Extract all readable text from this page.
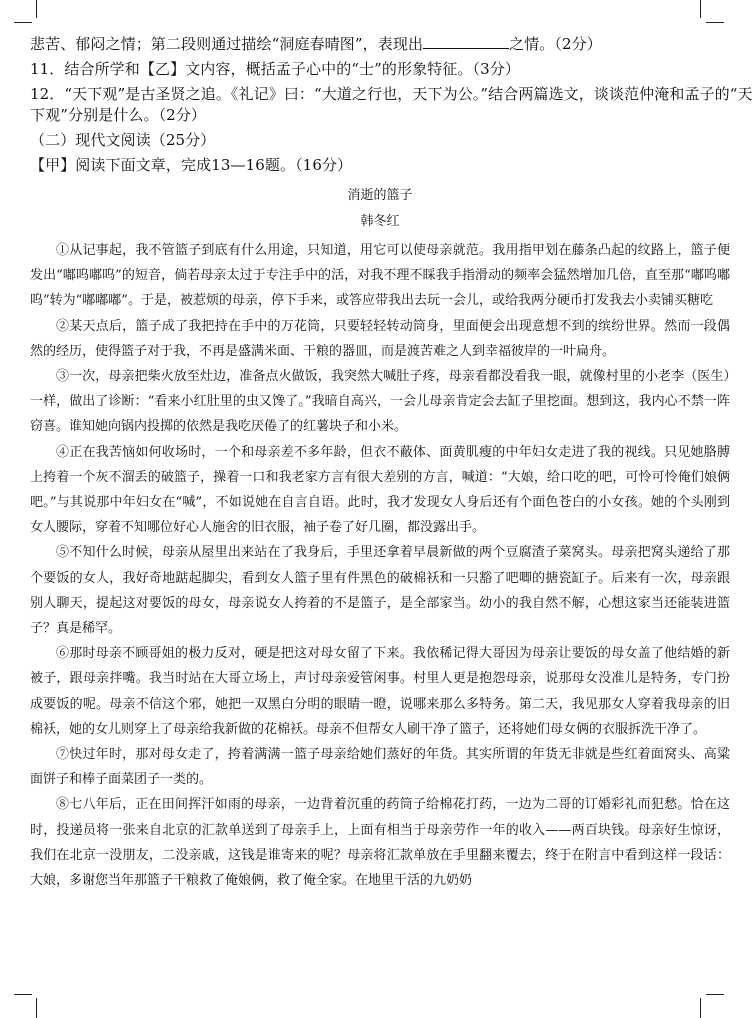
悲苦、郁闷之情；第二段则通过描绘“洞庭春晴图”，表现出	之情。（2分）
11．结合所学和【乙】文内容，概括孟子心中的“士”的形象特征。（3分）
12．“天下观”是古圣贤之追。《礼记》曰：“大道之行也，天下为公。”结合两篇选文，谈谈范仲淹和孟子的“天
下观”分别是什么。（2分）
（二）现代文阅读（25分）
【甲】阅读下面文章，完成13—16题。（16分）
消逝的篮子
韩冬红
①从记事起，我不管篮子到底有什么用途，只知道，用它可以使母亲就范。我用指甲划在藤条凸起的纹路上，篮子便发出“嘟呜嘟呜”的短音，倘若母亲太过于专注手中的活，对我不理不睬我手指滑动的频率会猛然增加几倍，直至那“嘟呜嘟呜”转为“嘟嘟嘟”。于是，被惹烦的母亲，停下手来，或答应带我出去玩一会儿，或给我两分硬币打发我去小卖铺买糖吃
②某天点后，篮子成了我把持在手中的万花筒，只要轻轻转动筒身，里面便会出现意想不到的缤纷世界。然而一段偶然的经历，使得篮子对于我，不再是盛满米面、干粮的器皿，而是渡苦难之人到幸福彼岸的一叶扁舟。
③一次，母亲把柴火放至灶边，准备点火做饭，我突然大喊肚子疼，母亲看都没看我一眼，就像村里的小老李（医生）一样，做出了诊断：“看来小红肚里的虫又馋了。”我暗自高兴，一会儿母亲肯定会去缸子里挖面。想到这，我内心不禁一阵窃喜。谁知她向锅内投掷的依然是我吃厌倦了的红薯块子和小米。
④正在我苦恼如何收场时，一个和母亲差不多年龄，但衣不蔽体、面黄肌瘦的中年妇女走进了我的视线。只见她胳膊上挎着一个灰不溜丢的破篮子，操着一口和我老家方言有很大差别的方言，喊道：“大娘，给口吃的吧，可怜可怜俺们娘俩吧。”与其说那中年妇女在“喊”，不如说她在自言自语。此时，我才发现女人身后还有个面色苍白的小女孩。她的个头刚到女人腰际，穿着不知哪位好心人施舍的旧衣服，袖子卷了好几圈，都没露出手。
⑤不知什么时候，母亲从屋里出来站在了我身后，手里还拿着早晨新做的两个豆腐渣子菜窝头。母亲把窝头递给了那个要饭的女人，我好奇地踮起脚尖，看到女人篮子里有件黑色的破棉袄和一只豁了吧唧的搪瓷缸子。后来有一次，母亲跟别人聊天，提起这对要饭的母女，母亲说女人挎着的不是篮子，是全部家当。幼小的我自然不解，心想这家当还能装进篮子？真是稀罕。
⑥那时母亲不顾哥姐的极力反对，硬是把这对母女留了下来。我依稀记得大哥因为母亲让要饭的母女盖了他结婚的新被子，跟母亲拌嘴。我当时站在大哥立场上，声讨母亲爱管闲事。村里人更是抱怨母亲，说那母女没准儿是特务，专门扮成要饭的呢。母亲不信这个邪，她把一双黑白分明的眼睛一瞪，说哪来那么多特务。第二天，我见那女人穿着我母亲的旧棉袄，她的女儿则穿上了母亲给我新做的花棉袄。母亲不但帮女人刷干净了篮子，还将她们母女俩的衣服拆洗干净了。
⑦快过年时，那对母女走了，挎着满满一篮子母亲给她们蒸好的年货。其实所谓的年货无非就是些红着面窝头、高粱面饼子和棒子面菜团子一类的。
⑧七八年后，正在田间挥汗如雨的母亲，一边背着沉重的药筒子给棉花打药，一边为二哥的订婚彩礼而犯愁。恰在这时，投递员将一张来自北京的汇款单送到了母亲手上，上面有相当于母亲劳作一年的收入——两百块钱。母亲好生惊讶，我们在北京一没朋友，二没亲戚，这钱是谁寄来的呢？母亲将汇款单放在手里翻来覆去，终于在附言中看到这样一段话：大娘，多谢您当年那篮子干粮救了俺娘俩，救了俺全家。在地里干活的九奶奶
